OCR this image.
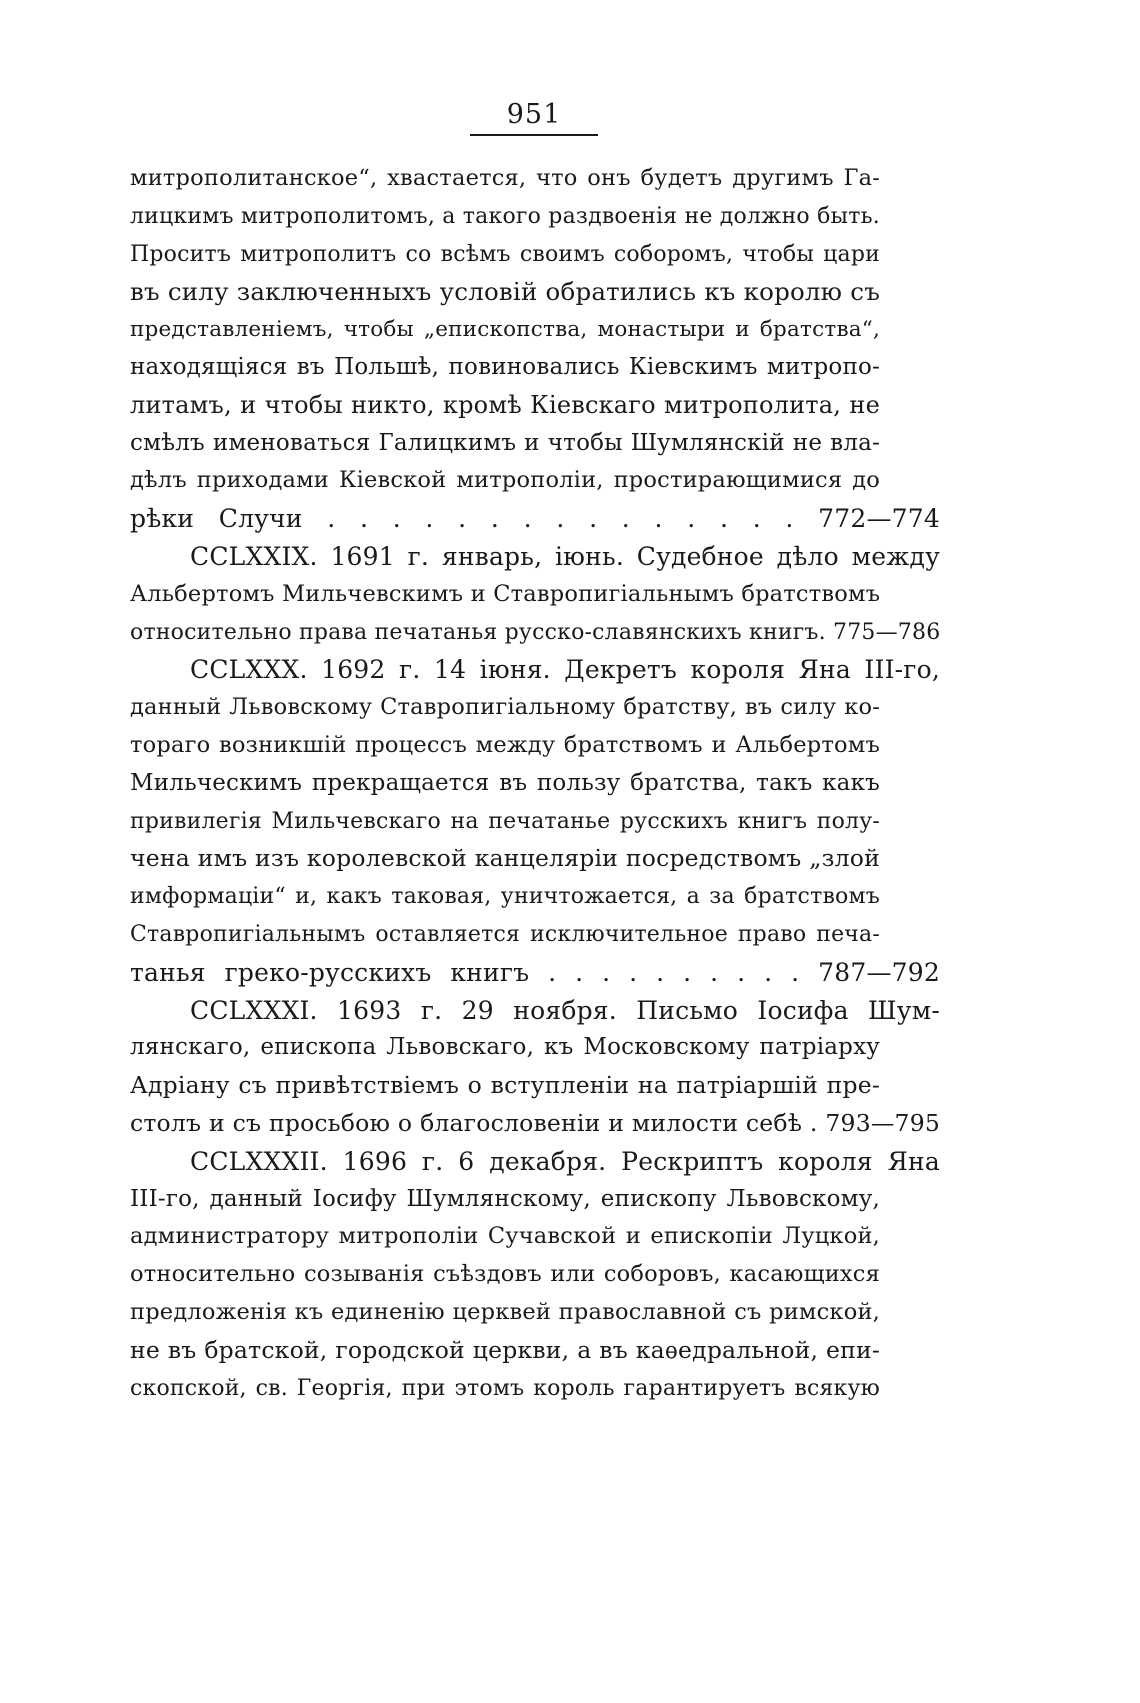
951
митрополитанское“, хвастается, что онъ будетъ другимъ Га-
лицкимъ митрополитомъ, а такого раздвоенія не должно быть.
Проситъ митрополитъ со всѣмъ своимъ соборомъ, чтобы цари
въ силу заключенныхъ условій обратились къ королю съ
представленіемъ, чтобы „епископства, монастыри и братства“,
находящіяся въ Польшѣ, повиновались Кіевскимъ митропо-
литамъ, и чтобы никто, кромѣ Кіевскаго митрополита, не
смѣлъ именоваться Галицкимъ и чтобы Шумлянскій не вла-
дѣлъ приходами Кіевской митрополіи, простирающимися до
рѣки Случи . . . . . . . . . . . . . . . 772—774
CCLXXIX. 1691 г. январь, іюнь. Судебное дѣло между
Альбертомъ Мильчевскимъ и Ставропигіальнымъ братствомъ
относительно права печатанья русско-славянскихъ книгъ. 775—786
CCLXXX. 1692 г. 14 іюня. Декретъ короля Яна III-го,
данный Львовскому Ставропигіальному братству, въ силу ко-
тораго возникшій процессъ между братствомъ и Альбертомъ
Мильческимъ прекращается въ пользу братства, такъ какъ
привилегія Мильчевскаго на печатанье русскихъ книгъ полу-
чена имъ изъ королевской канцеляріи посредствомъ „злой
имформаціи“ и, какъ таковая, уничтожается, а за братствомъ
Ставропигіальнымъ оставляется исключительное право печа-
танья греко-русскихъ книгъ . . . . . . . . . . 787—792
CCLXXXI. 1693 г. 29 ноября. Письмо Іосифа Шум-
лянскаго, епископа Львовскаго, къ Московскому патріарху
Адріану съ привѣтствіемъ о вступленіи на патріаршій пре-
столъ и съ просьбою о благословеніи и милости себѣ . 793—795
CCLXXXII. 1696 г. 6 декабря. Рескриптъ короля Яна
III-го, данный Іосифу Шумлянскому, епископу Львовскому,
администратору митрополіи Сучавской и епископіи Луцкой,
относительно созыванія съѣздовъ или соборовъ, касающихся
предложенія къ единенію церквей православной съ римской,
не въ братской, городской церкви, а въ каѳедральной, епи-
скопской, св. Георгія, при этомъ король гарантируетъ всякую
